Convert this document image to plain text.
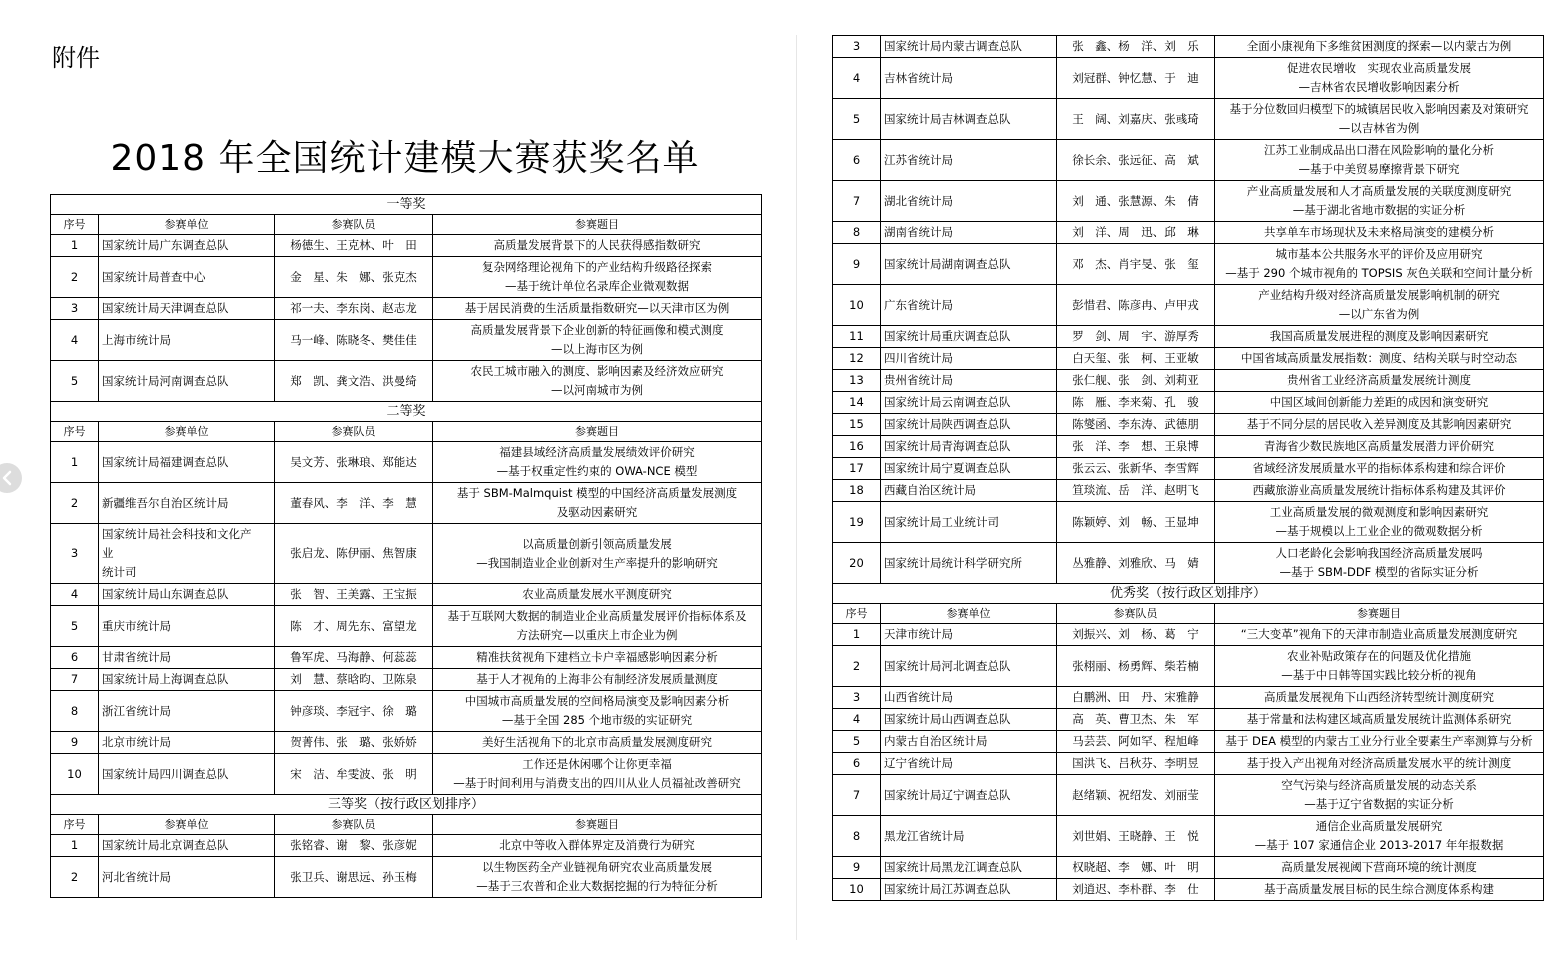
附件
2018 年全国统计建模大赛获奖名单
一等奖			
序号	参赛单位	参赛队员	参赛题目
1	国家统计局广东调查总队	杨德生、王克林、叶　田	高质量发展背景下的人民获得感指数研究

2	国家统计局普查中心	金　星、朱　娜、张克杰	复杂网络理论视角下的产业结构升级路径探索
—基于统计单位名录库企业微观数据

3	国家统计局天津调查总队	祁一夫、李东岗、赵志龙	基于居民消费的生活质量指数研究—以天津市区为例

4	上海市统计局	马一峰、陈晓冬、樊佳佳	高质量发展背景下企业创新的特征画像和模式测度
—以上海市区为例

5	国家统计局河南调查总队	郑　凯、龚文浩、洪曼绮	农民工城市融入的测度、影响因素及经济效应研究
—以河南城市为例

二等奖			
序号	参赛单位	参赛队员	参赛题目
1	国家统计局福建调查总队	吴文芳、张琳琅、郑能达	福建县域经济高质量发展绩效评价研究
—基于权重定性约束的 OWA-NCE 模型

2	新疆维吾尔自治区统计局	董春风、李　洋、李　慧	基于 SBM-Malmquist 模型的中国经济高质量发展测度
及驱动因素研究

3	国家统计局社会科技和文化产
业
统计司	张启龙、陈伊丽、焦智康	以高质量创新引领高质量发展
—我国制造业企业创新对生产率提升的影响研究

4	国家统计局山东调查总队	张　智、王美露、王宝振	农业高质量发展水平测度研究

5	重庆市统计局	陈　才、周先东、富望龙	基于互联网大数据的制造业企业高质量发展评价指标体系及
方法研究—以重庆上市企业为例

6	甘肃省统计局	鲁军虎、马海静、何蕊蕊	精准扶贫视角下建档立卡户幸福感影响因素分析

7	国家统计局上海调查总队	刘　慧、蔡晗昀、卫陈泉	基于人才视角的上海非公有制经济发展质量测度

8	浙江省统计局	钟彦琰、李冠宇、徐　璐	中国城市高质量发展的空间格局演变及影响因素分析
—基于全国 285 个地市级的实证研究

9	北京市统计局	贺菁伟、张　璐、张娇娇	美好生活视角下的北京市高质量发展测度研究

10	国家统计局四川调查总队	宋　洁、牟雯波、张　明	工作还是休闲哪个让你更幸福
—基于时间利用与消费支出的四川从业人员福祉改善研究

三等奖（按行政区划排序）			
序号	参赛单位	参赛队员	参赛题目
1	国家统计局北京调查总队	张铭睿、谢　黎、张彦妮	北京中等收入群体界定及消费行为研究

2	河北省统计局	张卫兵、谢思远、孙玉梅	以生物医药全产业链视角研究农业高质量发展
—基于三农普和企业大数据挖掘的行为特征分析
3	国家统计局内蒙古调查总队	张　鑫、杨　洋、刘　乐	全面小康视角下多维贫困测度的探索—以内蒙古为例

4	吉林省统计局	刘冠群、钟忆慧、于　迪	促进农民增收　实现农业高质量发展
—吉林省农民增收影响因素分析

5	国家统计局吉林调查总队	王　阔、刘嘉庆、张彧琦	基于分位数回归模型下的城镇居民收入影响因素及对策研究
—以吉林省为例

6	江苏省统计局	徐长余、张远征、高　斌	江苏工业制成品出口潜在风险影响的量化分析
—基于中美贸易摩擦背景下研究

7	湖北省统计局	刘　通、张慧源、朱　倩	产业高质量发展和人才高质量发展的关联度测度研究
—基于湖北省地市数据的实证分析

8	湖南省统计局	刘　洋、周　迅、邱　琳	共享单车市场现状及未来格局演变的建模分析

9	国家统计局湖南调查总队	邓　杰、肖宇旻、张　玺	城市基本公共服务水平的评价及应用研究
—基于 290 个城市视角的 TOPSIS 灰色关联和空间计量分析

10	广东省统计局	彭惜君、陈彦冉、卢甲戎	产业结构升级对经济高质量发展影响机制的研究
—以广东省为例

11	国家统计局重庆调查总队	罗　剑、周　宇、游厚秀	我国高质量发展进程的测度及影响因素研究

12	四川省统计局	白天玺、张　柯、王亚敏	中国省域高质量发展指数：测度、结构关联与时空动态

13	贵州省统计局	张仁舰、张　剑、刘莉亚	贵州省工业经济高质量发展统计测度

14	国家统计局云南调查总队	陈　雁、李来菊、孔　骏	中国区域间创新能力差距的成因和演变研究

15	国家统计局陕西调查总队	陈燮函、李东涛、武德朋	基于不同分层的居民收入差异测度及其影响因素研究

16	国家统计局青海调查总队	张　洋、李　想、王泉博	青海省少数民族地区高质量发展潜力评价研究

17	国家统计局宁夏调查总队	张云云、张新华、李雪辉	省域经济发展质量水平的指标体系构建和综合评价

18	西藏自治区统计局	笪琰流、岳　洋、赵明飞	西藏旅游业高质量发展统计指标体系构建及其评价

19	国家统计局工业统计司	陈颖婷、刘　畅、王显坤	工业高质量发展的微观测度和影响因素研究
—基于规模以上工业企业的微观数据分析

20	国家统计局统计科学研究所	丛雅静、刘雅欣、马　婧	人口老龄化会影响我国经济高质量发展吗
—基于 SBM-DDF 模型的省际实证分析

优秀奖（按行政区划排序）			
序号	参赛单位	参赛队员	参赛题目
1	天津市统计局	刘振兴、刘　杨、葛　宁	“三大变革”视角下的天津市制造业高质量发展测度研究

2	国家统计局河北调查总队	张栩丽、杨勇辉、柴若楠	农业补贴政策存在的问题及优化措施
—基于中日韩等国实践比较分析的视角

3	山西省统计局	白鹏洲、田　丹、宋雅静	高质量发展视角下山西经济转型统计测度研究

4	国家统计局山西调查总队	高　英、曹卫杰、朱　军	基于常量和法构建区域高质量发展统计监测体系研究

5	内蒙古自治区统计局	马芸芸、阿如罕、程旭峰	基于 DEA 模型的内蒙古工业分行业全要素生产率测算与分析

6	辽宁省统计局	国洪飞、吕秋芬、李明昱	基于投入产出视角对经济高质量发展水平的统计测度

7	国家统计局辽宁调查总队	赵绪颖、祝绍发、刘丽莹	空气污染与经济高质量发展的动态关系
—基于辽宁省数据的实证分析

8	黑龙江省统计局	刘世娟、王晓静、王　悦	通信企业高质量发展研究
—基于 107 家通信企业 2013-2017 年年报数据

9	国家统计局黑龙江调查总队	权晓超、李　娜、叶　明	高质量发展视阈下营商环境的统计测度

10	国家统计局江苏调查总队	刘逍迟、李朴群、李　仕	基于高质量发展目标的民生综合测度体系构建
